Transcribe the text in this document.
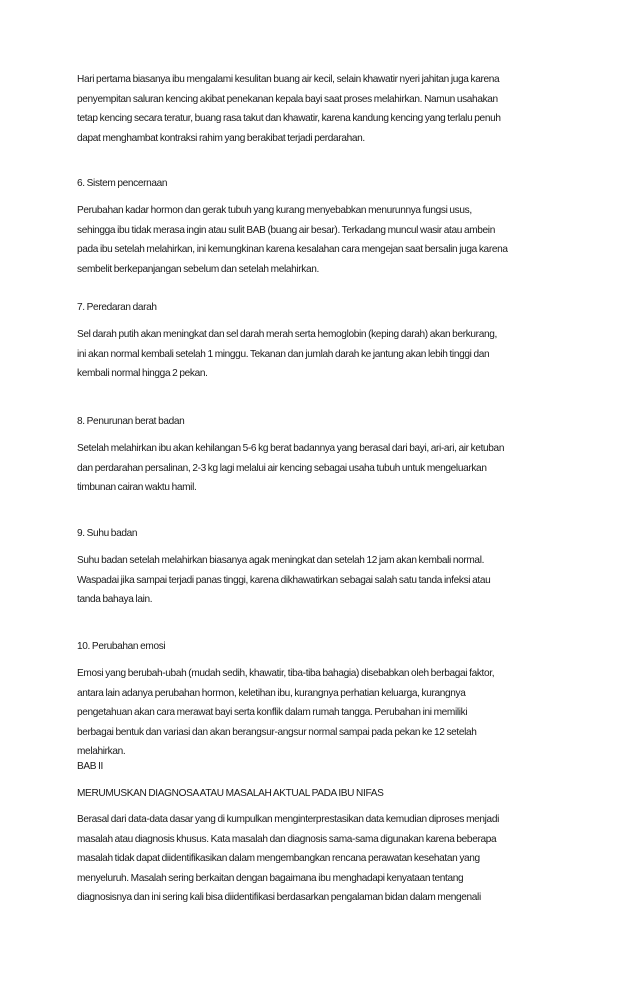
Hari pertama biasanya ibu mengalami kesulitan buang air kecil, selain khawatir nyeri jahitan juga karena
penyempitan saluran kencing akibat penekanan kepala bayi saat proses melahirkan. Namun usahakan
tetap kencing secara teratur, buang rasa takut dan khawatir, karena kandung kencing yang terlalu penuh
dapat menghambat kontraksi rahim yang berakibat terjadi perdarahan.
6. Sistem pencernaan
Perubahan kadar hormon dan gerak tubuh yang kurang menyebabkan menurunnya fungsi usus,
sehingga ibu tidak merasa ingin atau sulit BAB (buang air besar). Terkadang muncul wasir atau ambein
pada ibu setelah melahirkan, ini kemungkinan karena kesalahan cara mengejan saat bersalin juga karena
sembelit berkepanjangan sebelum dan setelah melahirkan.
7. Peredaran darah
Sel darah putih akan meningkat dan sel darah merah serta hemoglobin (keping darah) akan berkurang,
ini akan normal kembali setelah 1 minggu. Tekanan dan jumlah darah ke jantung akan lebih tinggi dan
kembali normal hingga 2 pekan.
8. Penurunan berat badan
Setelah melahirkan ibu akan kehilangan 5-6 kg berat badannya yang berasal dari bayi, ari-ari, air ketuban
dan perdarahan persalinan, 2-3 kg lagi melalui air kencing sebagai usaha tubuh untuk mengeluarkan
timbunan cairan waktu hamil.
9. Suhu badan
Suhu badan setelah melahirkan biasanya agak meningkat dan setelah 12 jam akan kembali normal.
Waspadai jika sampai terjadi panas tinggi, karena dikhawatirkan sebagai salah satu tanda infeksi atau
tanda bahaya lain.
10. Perubahan emosi
Emosi yang berubah-ubah (mudah sedih, khawatir, tiba-tiba bahagia) disebabkan oleh berbagai faktor,
antara lain adanya perubahan hormon, keletihan ibu, kurangnya perhatian keluarga, kurangnya
pengetahuan akan cara merawat bayi serta konflik dalam rumah tangga. Perubahan ini memiliki
berbagai bentuk dan variasi dan akan berangsur-angsur normal sampai pada pekan ke 12 setelah
melahirkan.
BAB II
MERUMUSKAN DIAGNOSA ATAU MASALAH AKTUAL PADA IBU NIFAS
Berasal dari data-data dasar yang di kumpulkan menginterprestasikan data kemudian diproses menjadi
masalah atau diagnosis khusus. Kata masalah dan diagnosis sama-sama digunakan karena beberapa
masalah tidak dapat diidentifikasikan dalam mengembangkan rencana perawatan kesehatan yang
menyeluruh. Masalah sering berkaitan dengan bagaimana ibu menghadapi kenyataan tentang
diagnosisnya dan ini sering kali bisa diidentifikasi berdasarkan pengalaman bidan dalam mengenali
